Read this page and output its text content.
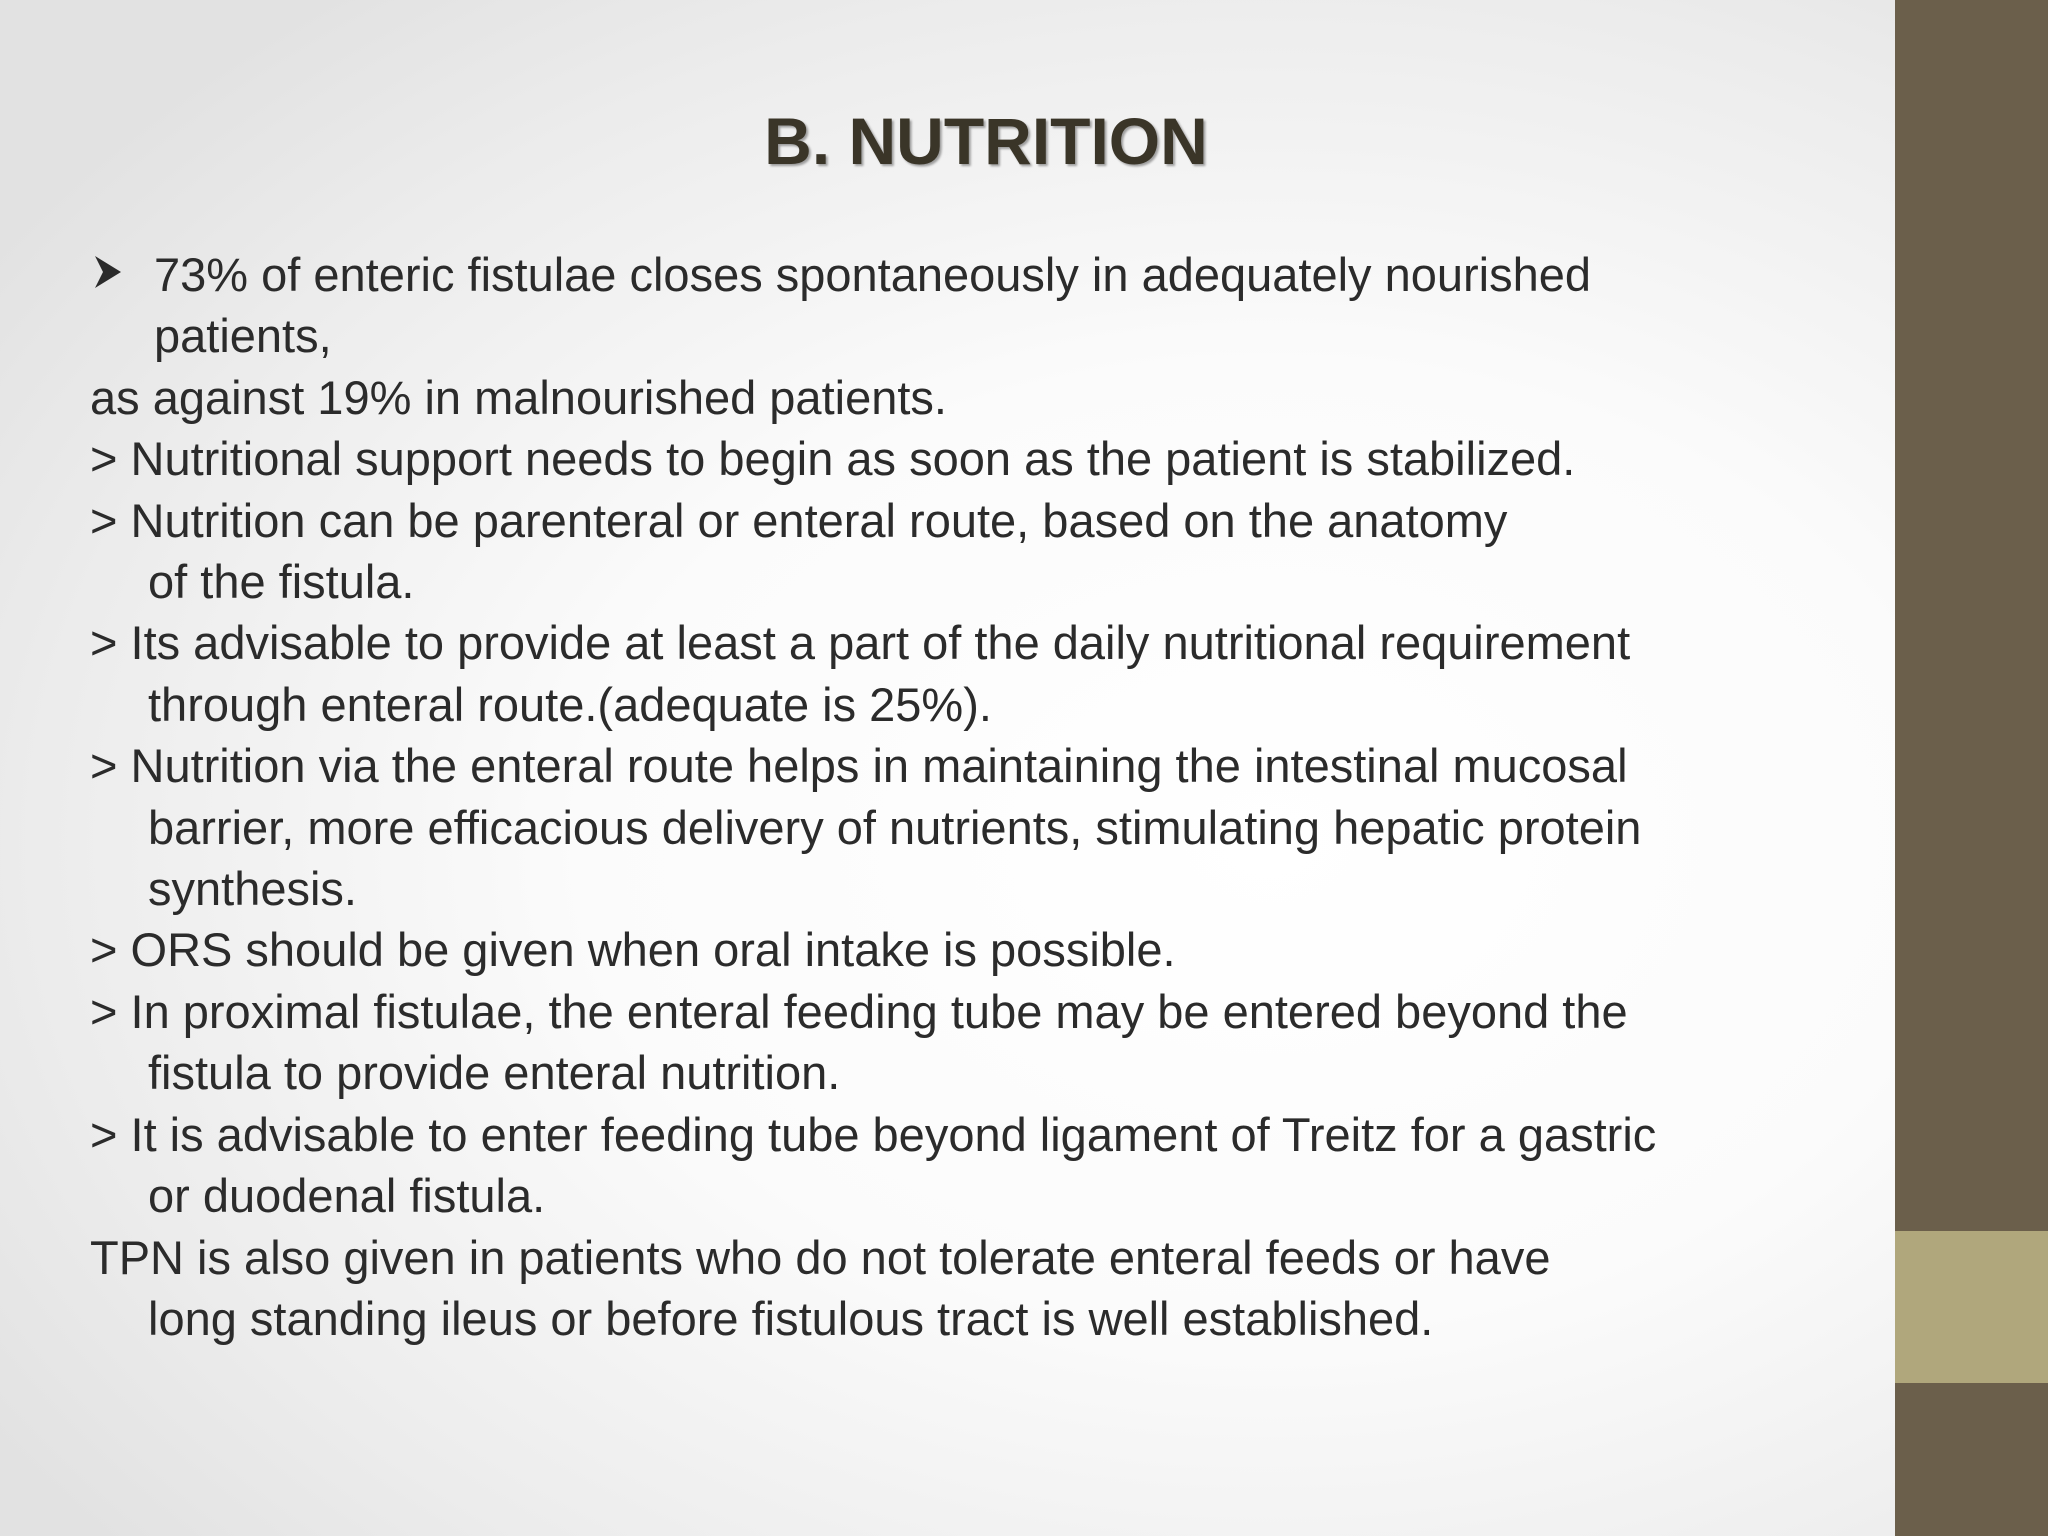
B. NUTRITION
73% of enteric fistulae closes spontaneously in adequately nourished
patients,
as against 19% in malnourished patients.
> Nutritional support needs to begin as soon as the patient is stabilized.
> Nutrition can be parenteral or enteral route, based on the anatomy
of the fistula.
> Its advisable to provide at least a part of the daily nutritional requirement
through enteral route.(adequate is 25%).
> Nutrition via the enteral route helps in maintaining the intestinal mucosal
barrier, more efficacious delivery of nutrients, stimulating hepatic protein
synthesis.
> ORS should be given when oral intake is possible.
> In proximal fistulae, the enteral feeding tube may be entered beyond the
fistula to provide enteral nutrition.
> It is advisable to enter feeding tube beyond ligament of Treitz for a gastric
or duodenal fistula.
TPN is also given in patients who do not tolerate enteral feeds or have
long standing ileus or before fistulous tract is well established.
